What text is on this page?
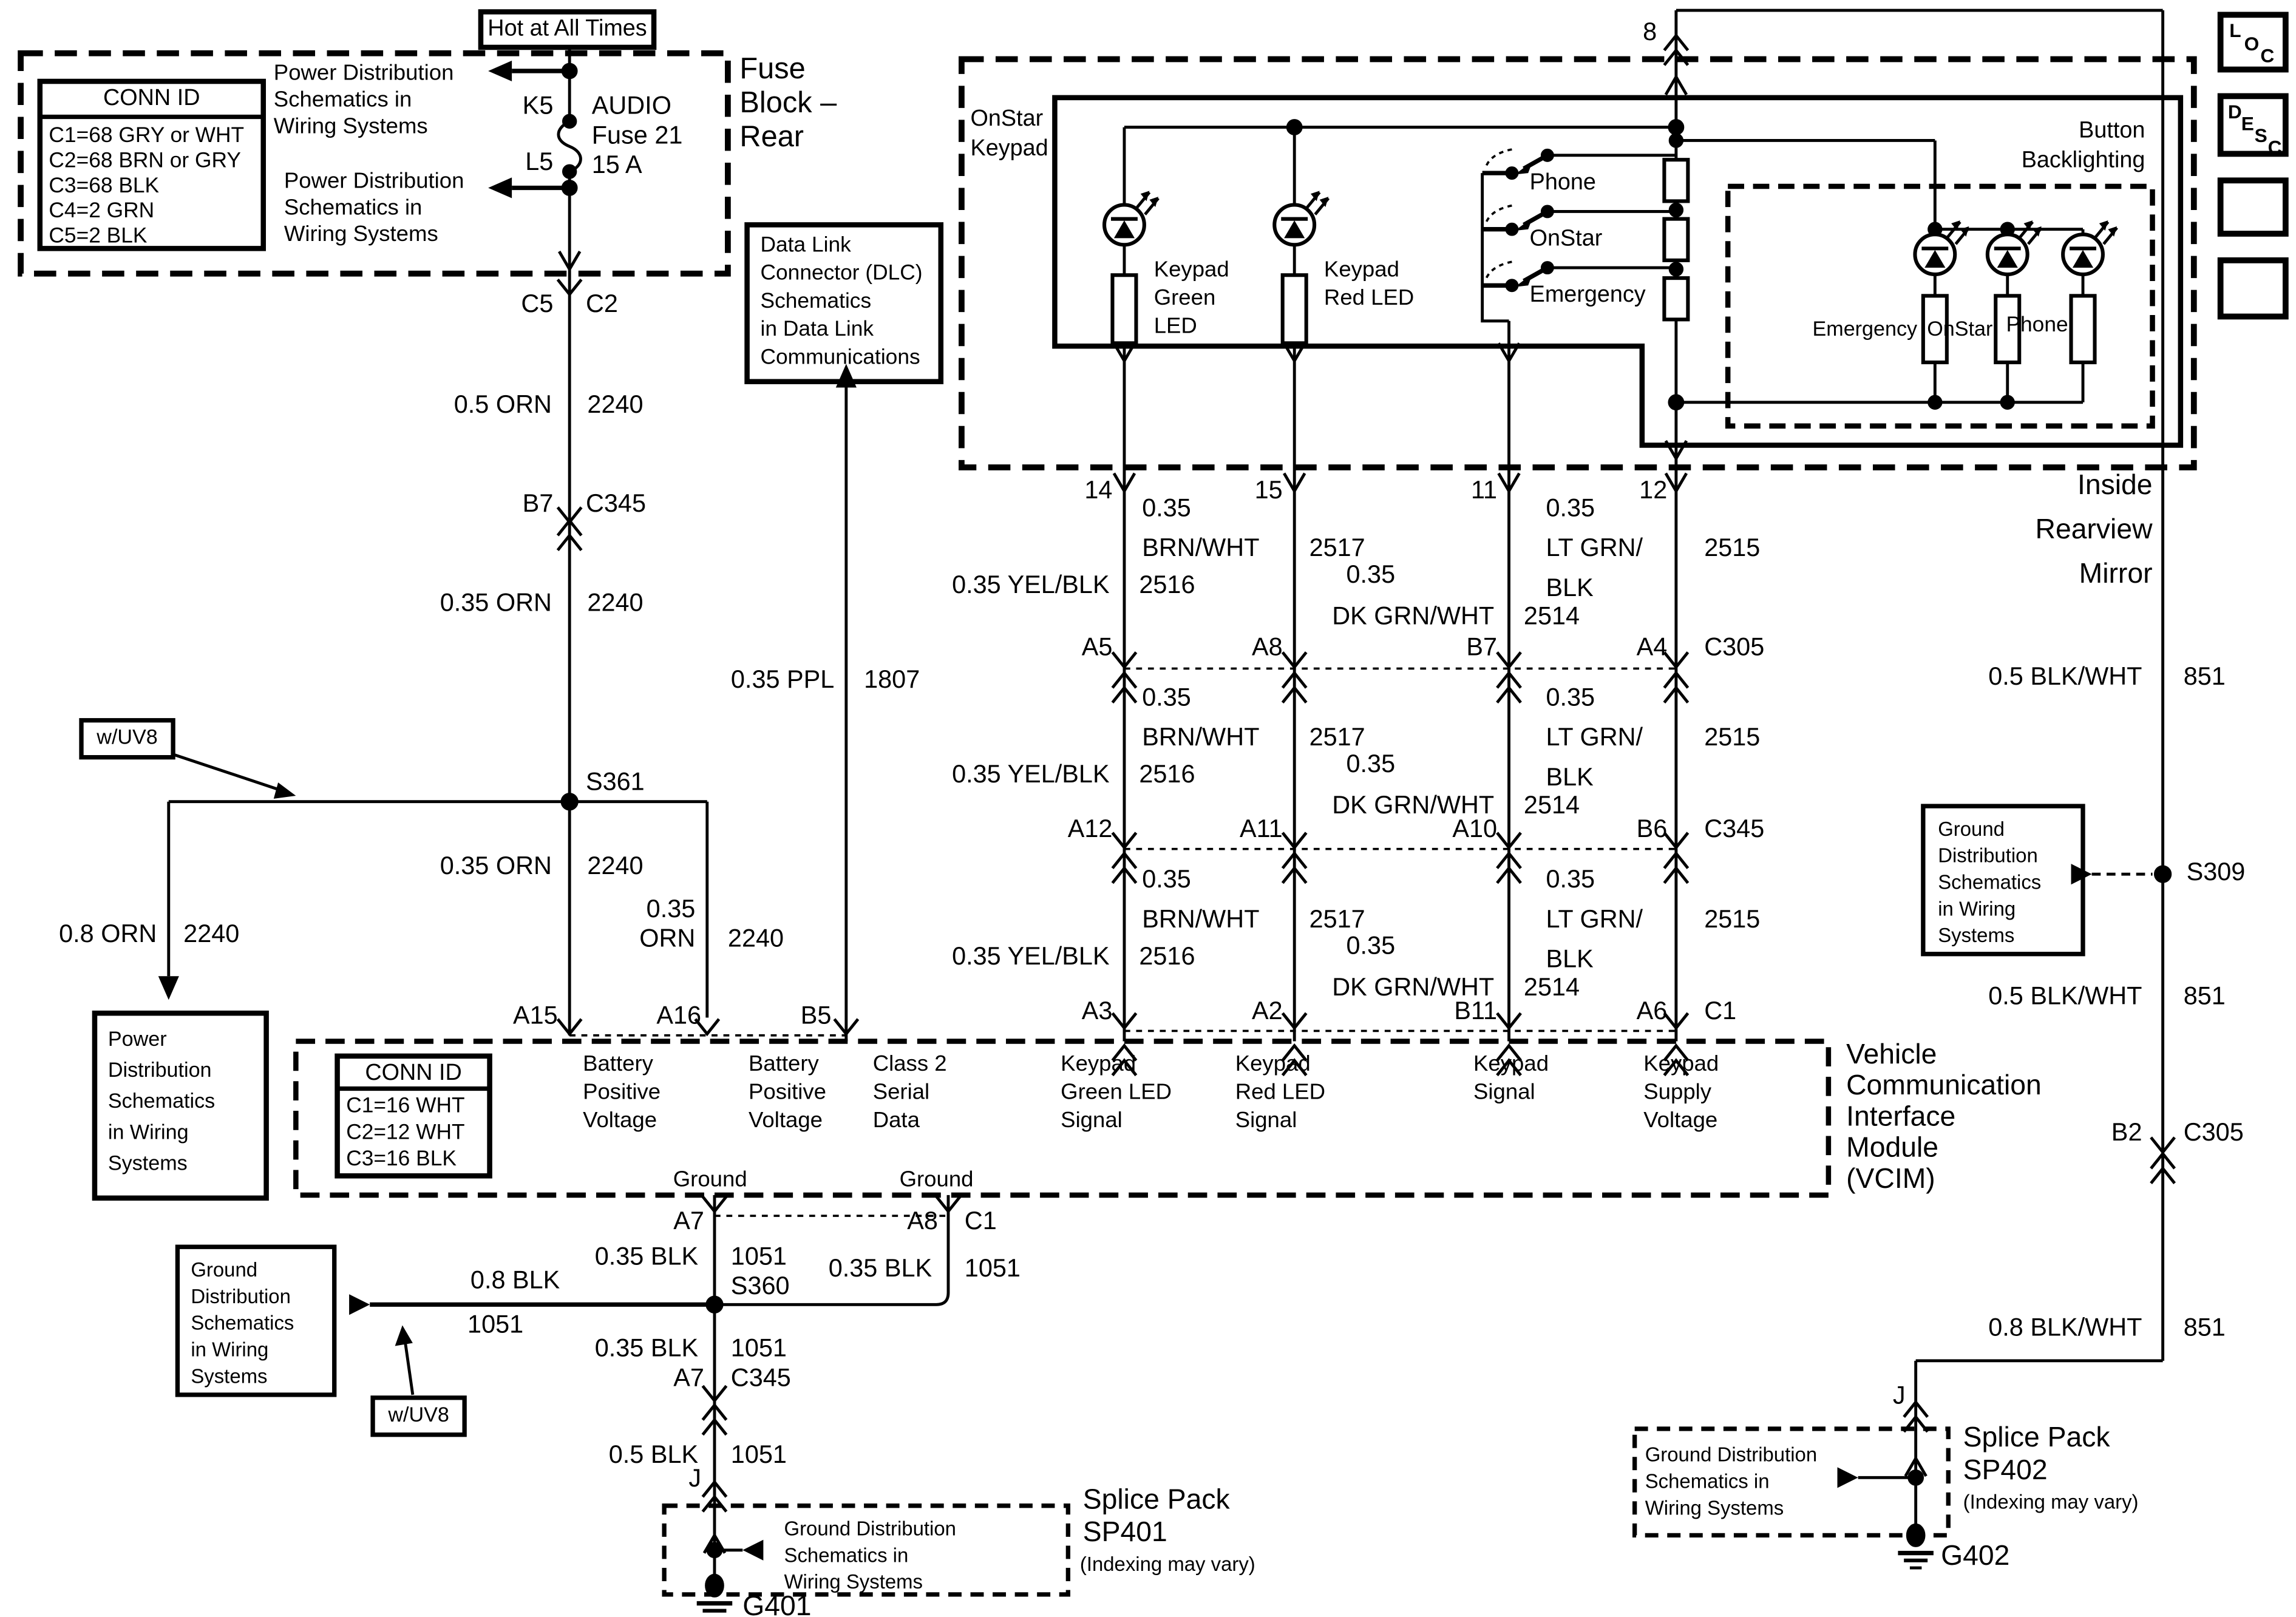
Hot at All Times
CONN ID
C1=68 GRY or WHT
C2=68 BRN or GRY
C3=68 BLK
C4=2 GRN
C5=2 BLK
Power Distribution
Schematics in
Wiring Systems
K5
L5
AUDIO
Fuse 21
15 A
Fuse
Block –
Rear
Power Distribution
Schematics in
Wiring Systems
C5	C2
0.5 ORN	2240
B7	C345
0.35 ORN	2240
Data Link
Connector (DLC)
Schematics
in Data Link
Communications
0.35 PPL	1807
w/UV8
S361
0.35 ORN	2240
0.35
ORN	2240
0.8 ORN	2240
Power
Distribution
Schematics
in Wiring
Systems
A15	A16	B5
OnStar
Keypad
8
Keypad
Green
LED
Keypad
Red LED
Phone
OnStar
Emergency
Button
Backlighting
Emergency OnStar Phone
Inside
Rearview
Mirror
CONN ID
C1=16 WHT
C2=12 WHT
C3=16 BLK
Battery
Positive
Voltage
Battery
Positive
Voltage
Class 2
Serial
Data
Keypad
Green LED
Signal
Keypad
Red LED
Signal
Keypad
Signal
Keypad
Supply
Voltage
Ground	Ground
Vehicle
Communication
Interface
Module
(VCIM)
0.5 BLK/WHT	851
S309
Ground
Distribution
Schematics
in Wiring
Systems
0.5 BLK/WHT	851
B2	C305
0.8 BLK/WHT	851
J
Ground Distribution
Schematics in
Wiring Systems
Splice Pack
SP402
(Indexing may vary)
G402
A7	A8	C1
0.35 BLK	1051
S360
0.35 BLK	1051
0.8 BLK
1051
Ground
Distribution
Schematics
in Wiring
Systems
w/UV8
0.35 BLK	1051
A7	C345
0.5 BLK	1051
J
Ground Distribution
Schematics in
Wiring Systems
Splice Pack
SP401
(Indexing may vary)
G401
L
O
C
D
E
S
C
14	15	11	12
0.35
BRN/WHT	2517
0.35
LT GRN/
BLK
2515
0.35
DK GRN/WHT	2514
0.35 YEL/BLK	2516
0.35
BRN/WHT	2517
0.35
LT GRN/
BLK
2515
0.35
DK GRN/WHT	2514
0.35 YEL/BLK	2516
0.35
BRN/WHT	2517
0.35
LT GRN/
BLK
2515
0.35
DK GRN/WHT	2514
0.35 YEL/BLK	2516
A5	A8	B7	A4	C305
A12	A11	A10	B6	C345
A3	A2	B11	A6	C1
